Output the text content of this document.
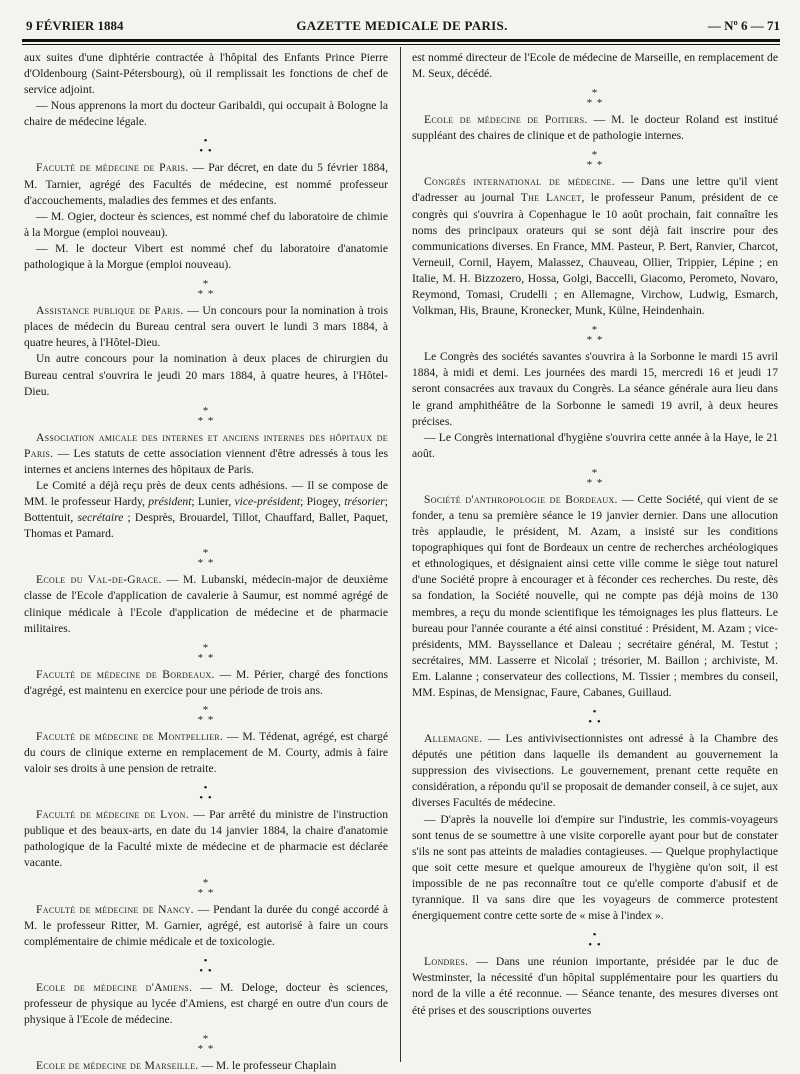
9 FÉVRIER 1884	GAZETTE MEDICALE DE PARIS.	— Nº 6 — 71

aux suites d'une diphtérie contractée à l'hôpital des Enfants Prince Pierre d'Oldenbourg (Saint-Pétersbourg), où il remplissait les fonctions de chef de service adjoint.

— Nous apprenons la mort du docteur Garibaldi, qui occupait à Bologne la chaire de médecine légale.

•
• •

Faculté de médecine de Paris. — Par décret, en date du 5 février 1884, M. Tarnier, agrégé des Facultés de médecine, est nommé professeur d'accouchements, maladies des femmes et des enfants.

— M. Ogier, docteur ès sciences, est nommé chef du laboratoire de chimie à la Morgue (emploi nouveau).

— M. le docteur Vibert est nommé chef du laboratoire d'anatomie pathologique à la Morgue (emploi nouveau).

*
* *

Assistance publique de Paris. — Un concours pour la nomination à trois places de médecin du Bureau central sera ouvert le lundi 3 mars 1884, à quatre heures, à l'Hôtel-Dieu.

Un autre concours pour la nomination à deux places de chirurgien du Bureau central s'ouvrira le jeudi 20 mars 1884, à quatre heures, à l'Hôtel-Dieu.

*
* *

Association amicale des internes et anciens internes des hôpitaux de Paris. — Les statuts de cette association viennent d'être adressés à tous les internes et anciens internes des hôpitaux de Paris.

Le Comité a déjà reçu près de deux cents adhésions. — Il se compose de MM. le professeur Hardy, président; Lunier, vice-président; Piogey, trésorier; Bottentuit, secrétaire ; Desprès, Brouardel, Tillot, Chauffard, Ballet, Paquet, Thomas et Pamard.

*
* *

Ecole du Val-de-Grace. — M. Lubanski, médecin-major de deuxième classe de l'Ecole d'application de cavalerie à Saumur, est nommé agrégé de clinique médicale à l'Ecole d'application de médecine et de pharmacie militaires.

*
* *

Faculté de médecine de Bordeaux. — M. Périer, chargé des fonctions d'agrégé, est maintenu en exercice pour une période de trois ans.

*
* *

Faculté de médecine de Montpellier. — M. Tédenat, agrégé, est chargé du cours de clinique externe en remplacement de M. Courty, admis à faire valoir ses droits à une pension de retraite.

•
• •

Faculté de médecine de Lyon. — Par arrêté du ministre de l'instruction publique et des beaux-arts, en date du 14 janvier 1884, la chaire d'anatomie pathologique de la Faculté mixte de médecine et de pharmacie est déclarée vacante.

*
* *

Faculté de médecine de Nancy. — Pendant la durée du congé accordé à M. le professeur Ritter, M. Garnier, agrégé, est autorisé à faire un cours complémentaire de chimie médicale et de toxicologie.

•
• •

Ecole de médecine d'Amiens. — M. Deloge, docteur ès sciences, professeur de physique au lycée d'Amiens, est chargé en outre d'un cours de physique à l'Ecole de médecine.

*
* *

Ecole de médecine de Marseille. — M. le professeur Chaplain

est nommé directeur de l'Ecole de médecine de Marseille, en remplacement de M. Seux, décédé.

*
* *

Ecole de médecine de Poitiers. — M. le docteur Roland est institué suppléant des chaires de clinique et de pathologie internes.

*
* *

Congrès international de médecine. — Dans une lettre qu'il vient d'adresser au journal The Lancet, le professeur Panum, président de ce congrès qui s'ouvrira à Copenhague le 10 août prochain, fait connaître les noms des principaux orateurs qui se sont déjà fait inscrire pour des communications diverses. En France, MM. Pasteur, P. Bert, Ranvier, Charcot, Verneuil, Cornil, Hayem, Malassez, Chauveau, Ollier, Trippier, Lépine ; en Italie, M. H. Bizzozero, Hossa, Golgi, Baccelli, Giacomo, Perometo, Novaro, Reymond, Tomasi, Crudelli ; en Allemagne, Virchow, Ludwig, Esmarch, Volkman, His, Braune, Kronecker, Munk, Külne, Heindenhain.

*
* *

Le Congrès des sociétés savantes s'ouvrira à la Sorbonne le mardi 15 avril 1884, à midi et demi. Les journées des mardi 15, mercredi 16 et jeudi 17 seront consacrées aux travaux du Congrès. La séance générale aura lieu dans le grand amphithéâtre de la Sorbonne le samedi 19 avril, à deux heures précises.

— Le Congrès international d'hygiène s'ouvrira cette année à la Haye, le 21 août.

*
* *

Société d'anthropologie de Bordeaux. — Cette Société, qui vient de se fonder, a tenu sa première séance le 19 janvier dernier. Dans une allocution très applaudie, le président, M. Azam, a insisté sur les conditions topographiques qui font de Bordeaux un centre de recherches archéologiques et ethnologiques, et désignaient ainsi cette ville comme le siège tout naturel d'une Société propre à encourager et à féconder ces recherches. Du reste, dès sa fondation, la Société nouvelle, qui ne compte pas déjà moins de 130 membres, a reçu du monde scientifique les témoignages les plus flatteurs. Le bureau pour l'année courante a été ainsi constitué : Président, M. Azam ; vice-présidents, MM. Bayssellance et Daleau ; secrétaire général, M. Testut ; secrétaires, MM. Lasserre et Nicolaï ; trésorier, M. Baillon ; archiviste, M. Em. Lalanne ; conservateur des collections, M. Tissier ; membres du conseil, MM. Espinas, de Mensignac, Faure, Cabanes, Guillaud.

•
• •

Allemagne. — Les antivivisectionnistes ont adressé à la Chambre des députés une pétition dans laquelle ils demandent au gouvernement la suppression des vivisections. Le gouvernement, prenant cette requête en considération, a répondu qu'il se proposait de demander conseil, à ce sujet, aux diverses Facultés de médecine.

— D'après la nouvelle loi d'empire sur l'industrie, les commis-voyageurs sont tenus de se soumettre à une visite corporelle ayant pour but de constater s'ils ne sont pas atteints de maladies contagieuses. — Quelque prophylactique que soit cette mesure et quelque amoureux de l'hygiène qu'on soit, il est impossible de ne pas reconnaître tout ce qu'elle comporte d'abusif et de tyrannique. Il va sans dire que les voyageurs de commerce protestent énergiquement contre cette sorte de « mise à l'index ».

•
• •

Londres. — Dans une réunion importante, présidée par le duc de Westminster, la nécessité d'un hôpital supplémentaire pour les quartiers du nord de la ville a été reconnue. — Séance tenante, des mesures diverses ont été prises et des souscriptions ouvertes
